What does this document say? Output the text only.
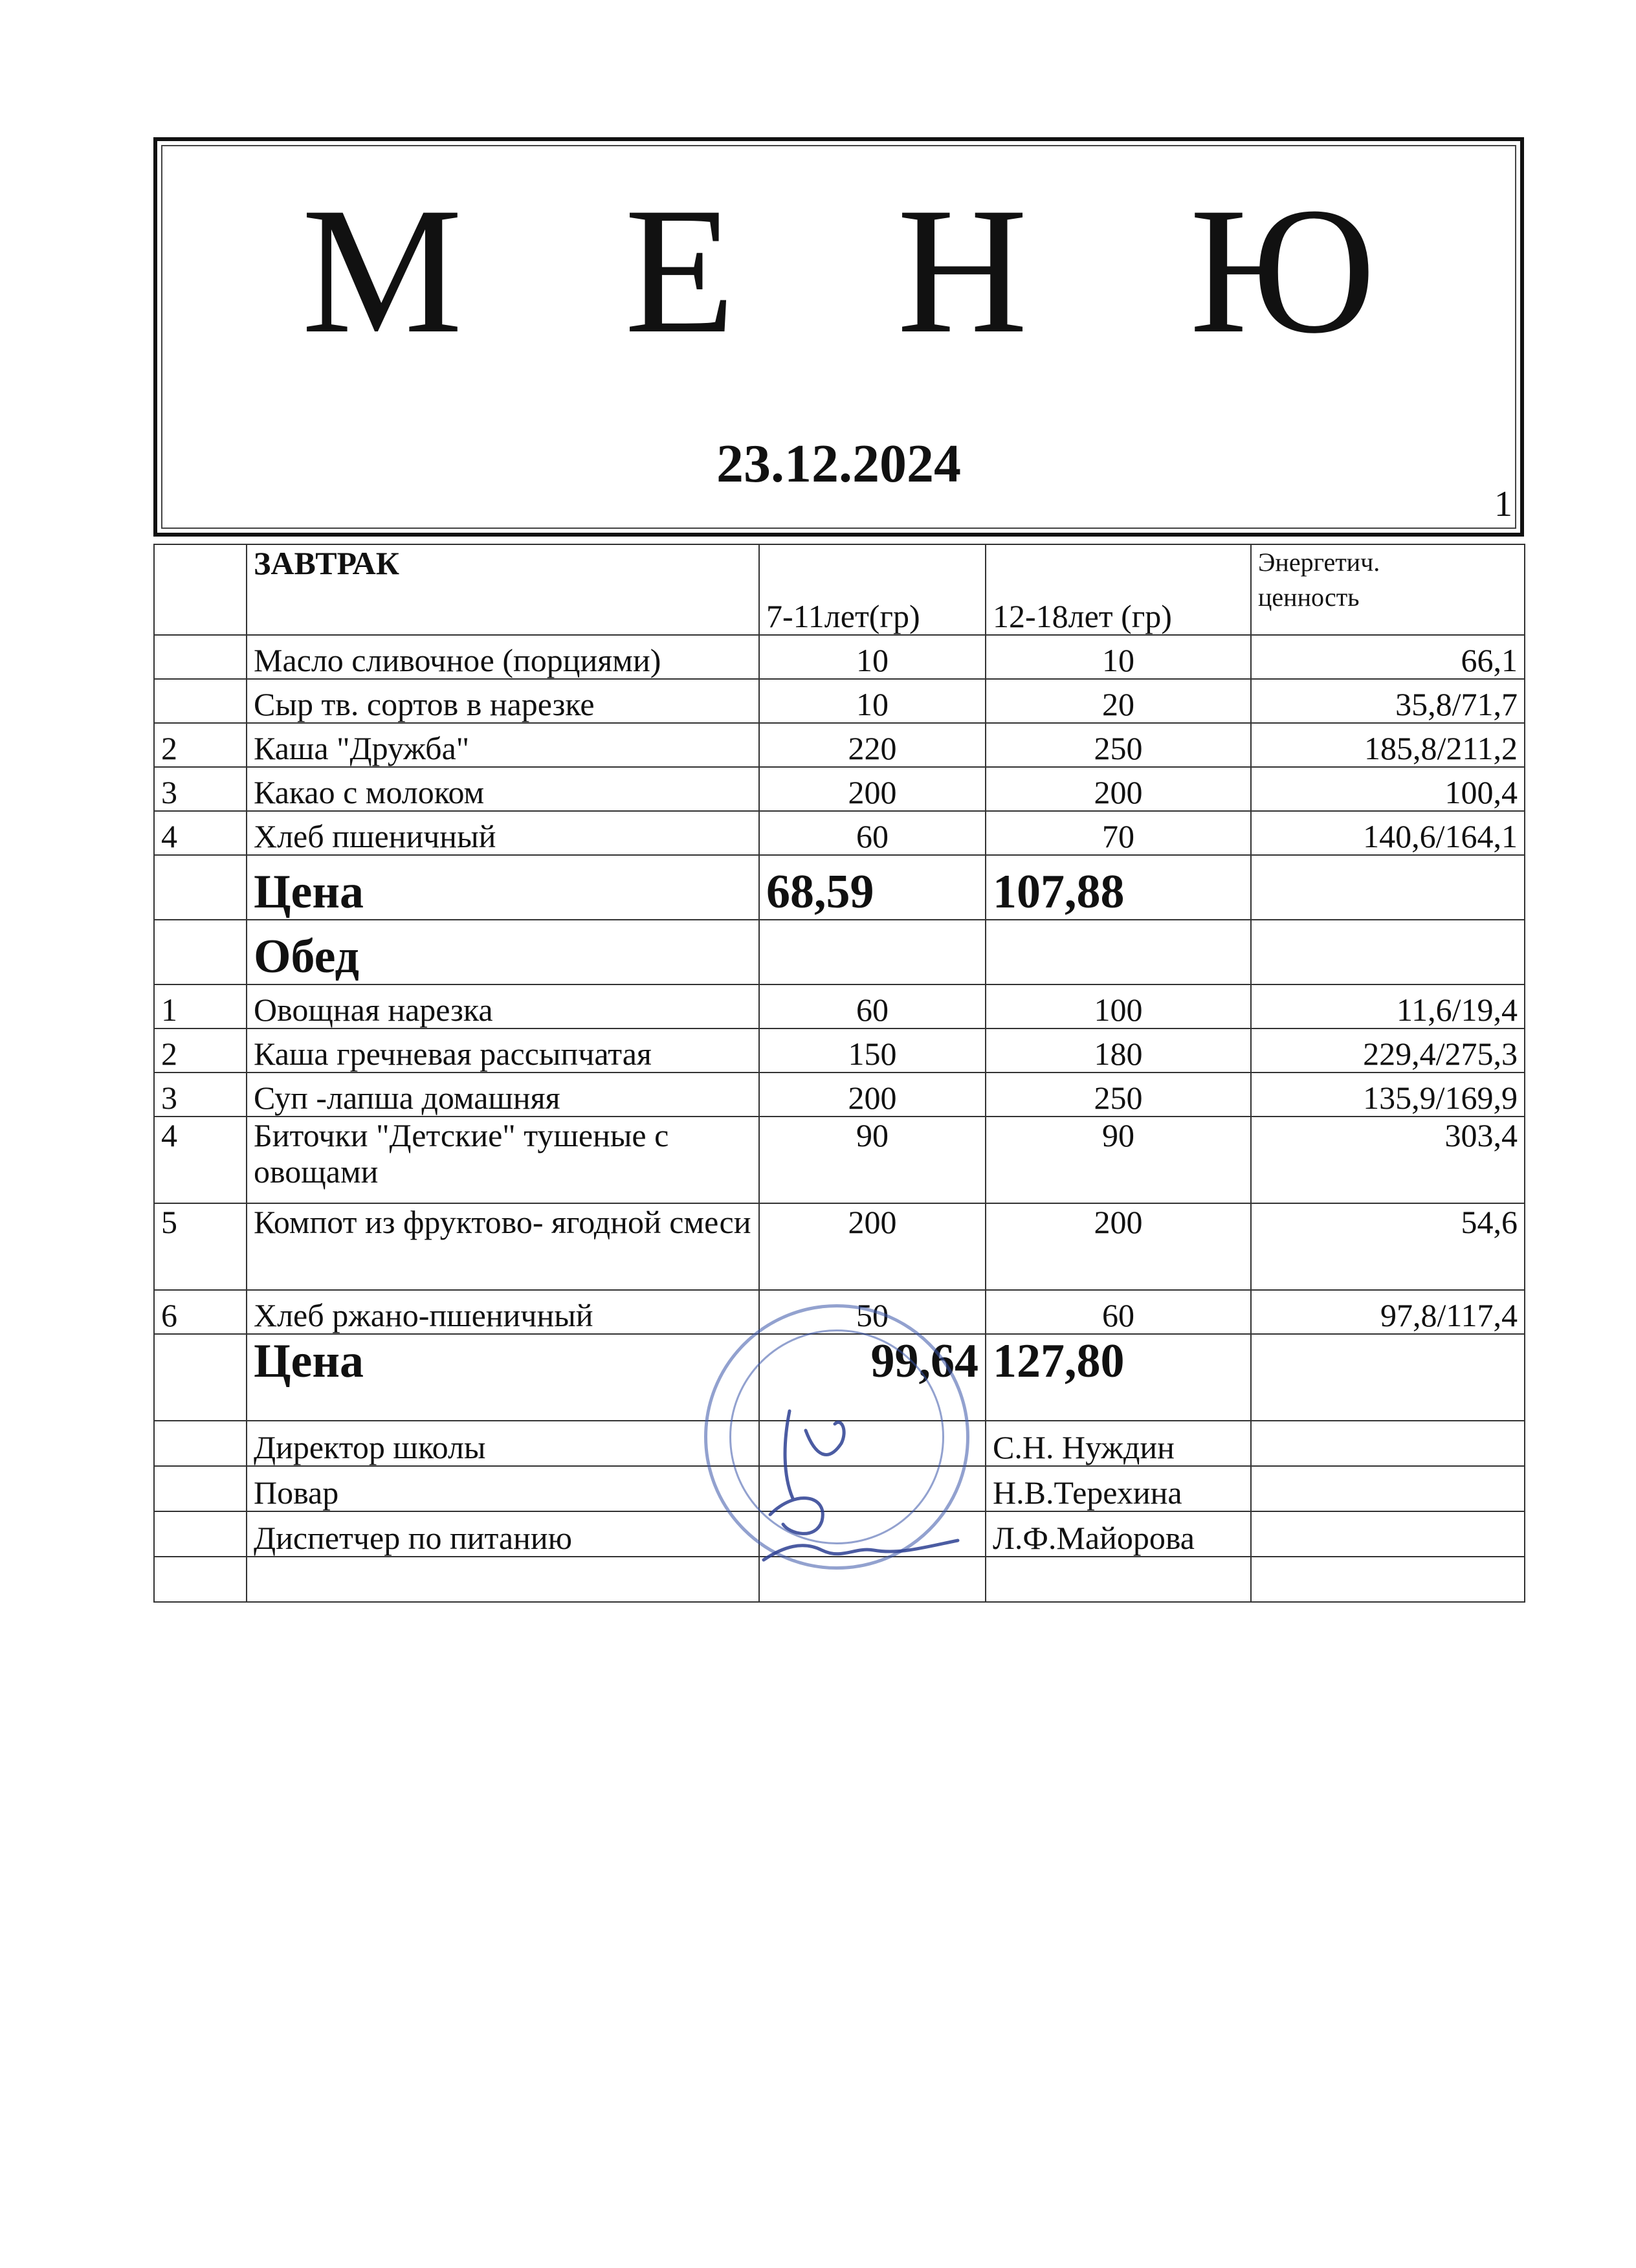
М Е Н Ю
23.12.2024
1
	ЗАВТРАК	7-11лет(гр)	12-18лет (гр)	Энергетич.
ценность
	Масло сливочное (порциями)	10	10	66,1
	Сыр тв. сортов в нарезке	10	20	35,8/71,7
2	Каша "Дружба"	220	250	185,8/211,2
3	Какао с молоком	200	200	100,4
4	Хлеб пшеничный	60	70	140,6/164,1
	Цена	68,59	107,88	
	Обед			
1	Овощная нарезка	60	100	11,6/19,4
2	Каша гречневая рассыпчатая	150	180	229,4/275,3
3	Суп -лапша домашняя	200	250	135,9/169,9
4	Биточки "Детские" тушеные с овощами	90	90	303,4
5	Компот из фруктово- ягодной смеси	200	200	54,6
6	Хлеб ржано-пшеничный	50	60	97,8/117,4
	Цена	99,64	127,80	
	Директор школы		С.Н. Нуждин	
	Повар		Н.В.Терехина	
	Диспетчер по питанию		Л.Ф.Майорова	
